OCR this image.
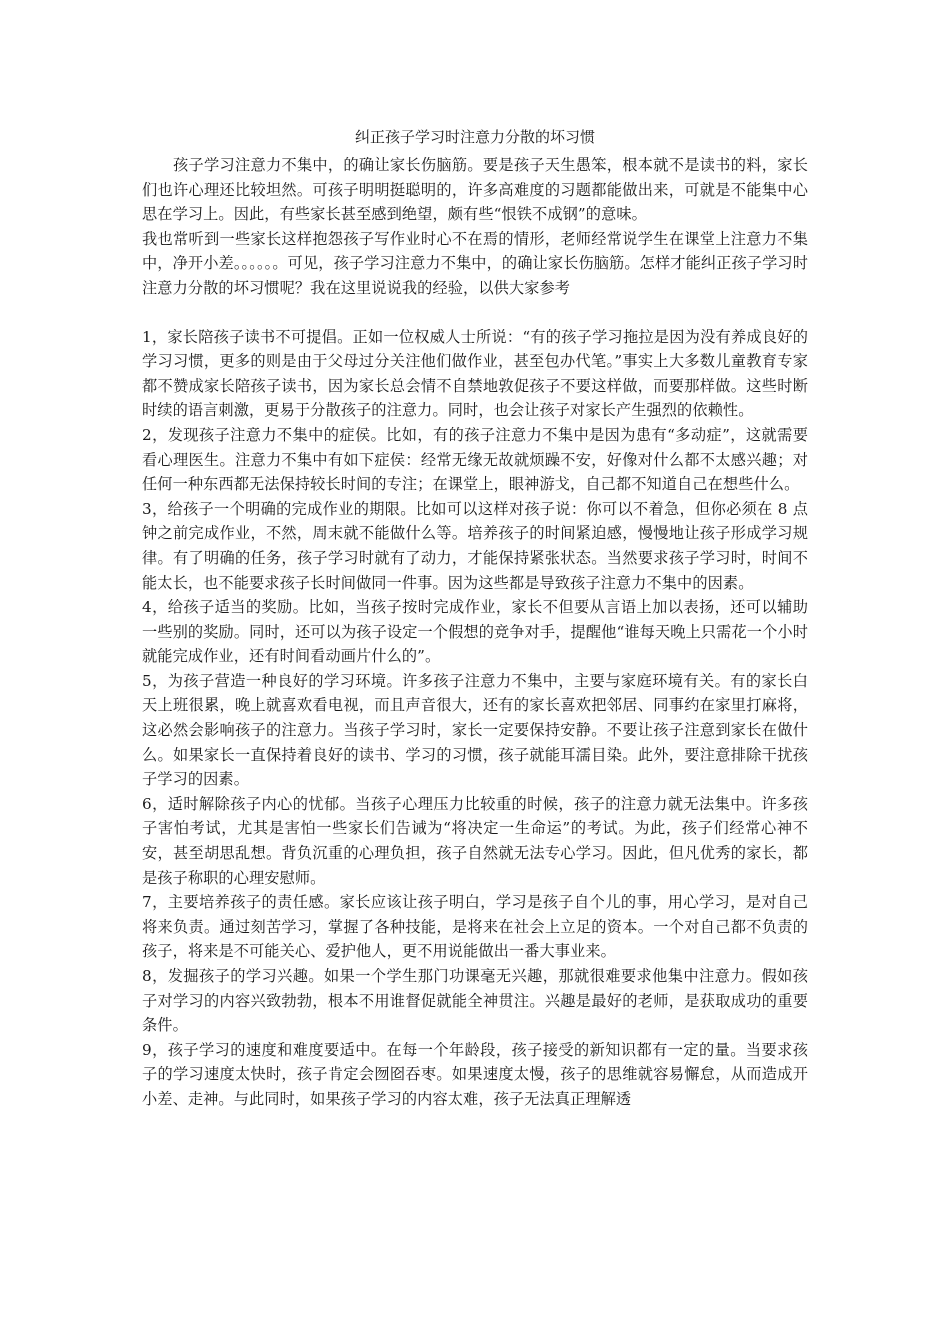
纠正孩子学习时注意力分散的坏习惯

孩子学习注意力不集中，的确让家长伤脑筋。要是孩子天生愚笨，根本就不是读书的料，家长们也许心理还比较坦然。可孩子明明挺聪明的，许多高难度的习题都能做出来，可就是不能集中心思在学习上。因此，有些家长甚至感到绝望，颇有些“恨铁不成钢”的意味。

我也常听到一些家长这样抱怨孩子写作业时心不在焉的情形，老师经常说学生在课堂上注意力不集中，净开小差。。。。。。可见，孩子学习注意力不集中，的确让家长伤脑筋。怎样才能纠正孩子学习时注意力分散的坏习惯呢？我在这里说说我的经验，以供大家参考

1，家长陪孩子读书不可提倡。正如一位权威人士所说：“有的孩子学习拖拉是因为没有养成良好的学习习惯，更多的则是由于父母过分关注他们做作业，甚至包办代笔。”事实上大多数儿童教育专家都不赞成家长陪孩子读书，因为家长总会情不自禁地敦促孩子不要这样做，而要那样做。这些时断时续的语言刺激，更易于分散孩子的注意力。同时，也会让孩子对家长产生强烈的依赖性。

2，发现孩子注意力不集中的症侯。比如，有的孩子注意力不集中是因为患有“多动症”，这就需要看心理医生。注意力不集中有如下症侯：经常无缘无故就烦躁不安，好像对什么都不太感兴趣；对任何一种东西都无法保持较长时间的专注；在课堂上，眼神游戈，自己都不知道自己在想些什么。

3，给孩子一个明确的完成作业的期限。比如可以这样对孩子说：你可以不着急，但你必须在 8 点钟之前完成作业，不然，周末就不能做什么等。培养孩子的时间紧迫感，慢慢地让孩子形成学习规律。有了明确的任务，孩子学习时就有了动力，才能保持紧张状态。当然要求孩子学习时，时间不能太长，也不能要求孩子长时间做同一件事。因为这些都是导致孩子注意力不集中的因素。

4，给孩子适当的奖励。比如，当孩子按时完成作业，家长不但要从言语上加以表扬，还可以辅助一些别的奖励。同时，还可以为孩子设定一个假想的竞争对手，提醒他“谁每天晚上只需花一个小时就能完成作业，还有时间看动画片什么的”。

5，为孩子营造一种良好的学习环境。许多孩子注意力不集中，主要与家庭环境有关。有的家长白天上班很累，晚上就喜欢看电视，而且声音很大，还有的家长喜欢把邻居、同事约在家里打麻将，这必然会影响孩子的注意力。当孩子学习时，家长一定要保持安静。不要让孩子注意到家长在做什么。如果家长一直保持着良好的读书、学习的习惯，孩子就能耳濡目染。此外，要注意排除干扰孩子学习的因素。

6，适时解除孩子内心的忧郁。当孩子心理压力比较重的时候，孩子的注意力就无法集中。许多孩子害怕考试，尤其是害怕一些家长们告诫为“将决定一生命运”的考试。为此，孩子们经常心神不安，甚至胡思乱想。背负沉重的心理负担，孩子自然就无法专心学习。因此，但凡优秀的家长，都是孩子称职的心理安慰师。

7，主要培养孩子的责任感。家长应该让孩子明白，学习是孩子自个儿的事，用心学习，是对自己将来负责。通过刻苦学习，掌握了各种技能，是将来在社会上立足的资本。一个对自己都不负责的孩子，将来是不可能关心、爱护他人，更不用说能做出一番大事业来。

8，发掘孩子的学习兴趣。如果一个学生那门功课毫无兴趣，那就很难要求他集中注意力。假如孩子对学习的内容兴致勃勃，根本不用谁督促就能全神贯注。兴趣是最好的老师，是获取成功的重要条件。

9，孩子学习的速度和难度要适中。在每一个年龄段，孩子接受的新知识都有一定的量。当要求孩子的学习速度太快时，孩子肯定会囫囵吞枣。如果速度太慢，孩子的思维就容易懈怠，从而造成开小差、走神。与此同时，如果孩子学习的内容太难，孩子无法真正理解透
